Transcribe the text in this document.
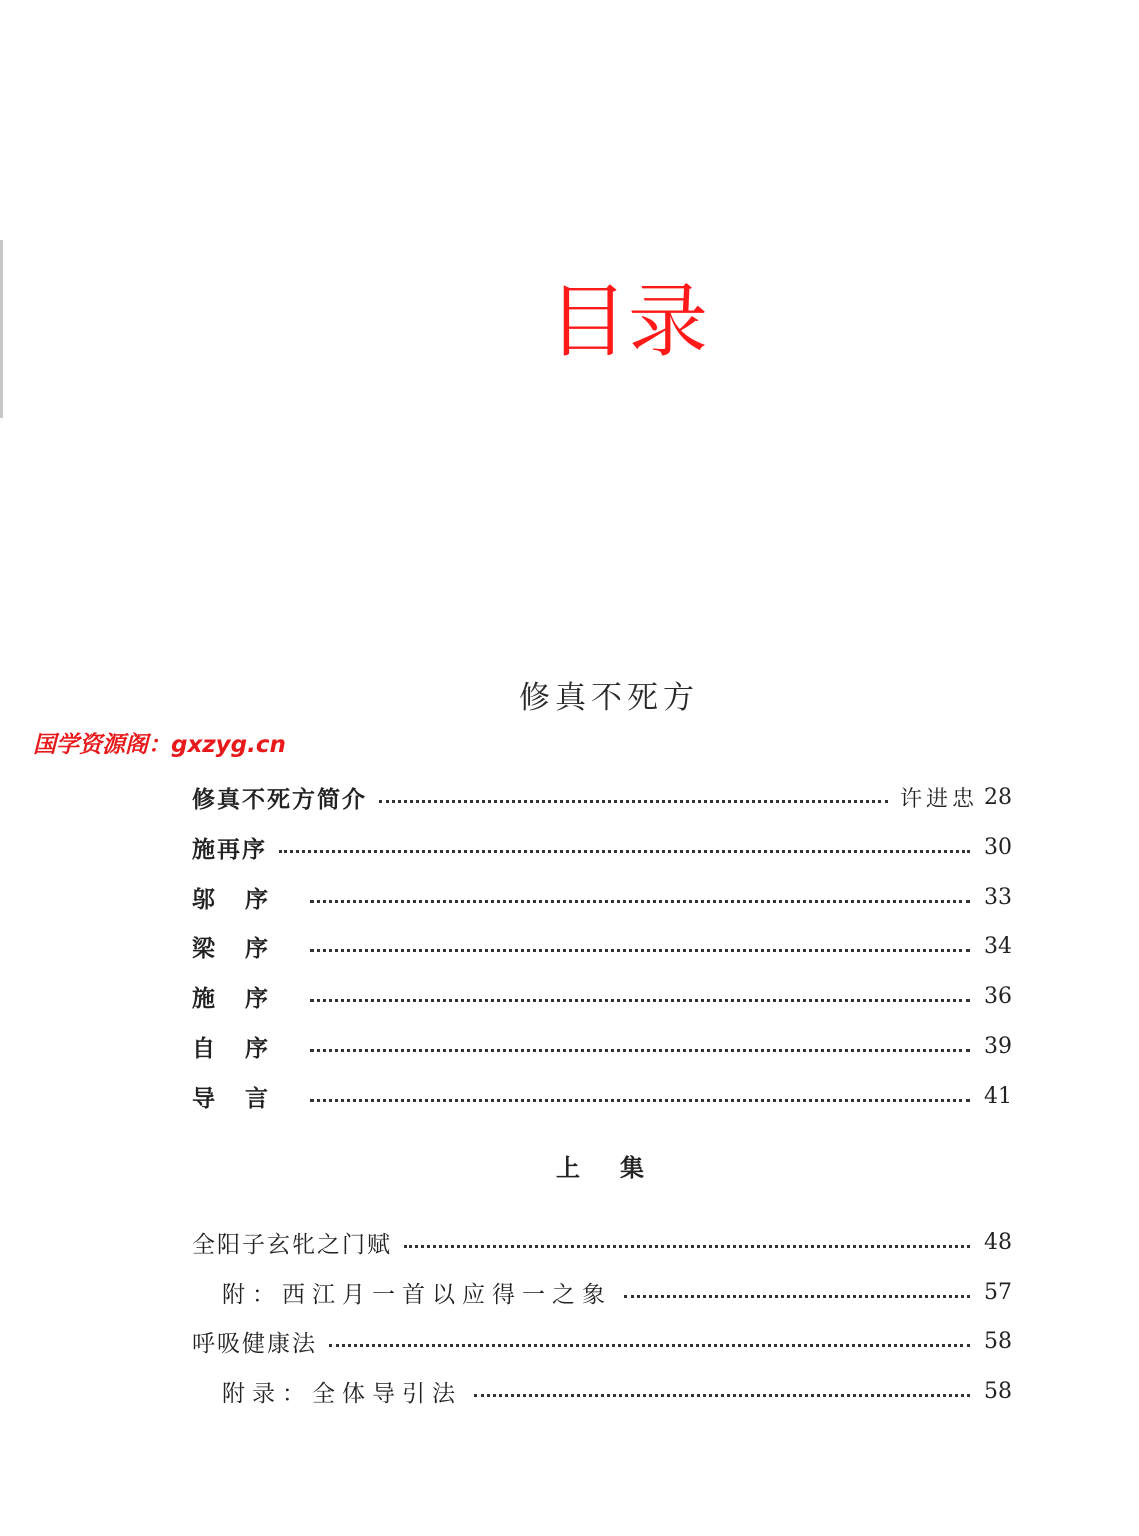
目录
修真不死方
国学资源阁：gxzyg.cn
修真不死方简介	许进忠 28
施再序	30
邬序	33
梁序	34
施序	36
自序	39
导言	41
上集
全阳子玄牝之门赋	48
附：西江月一首以应得一之象	57
呼吸健康法	58
附录：全体导引法	58
